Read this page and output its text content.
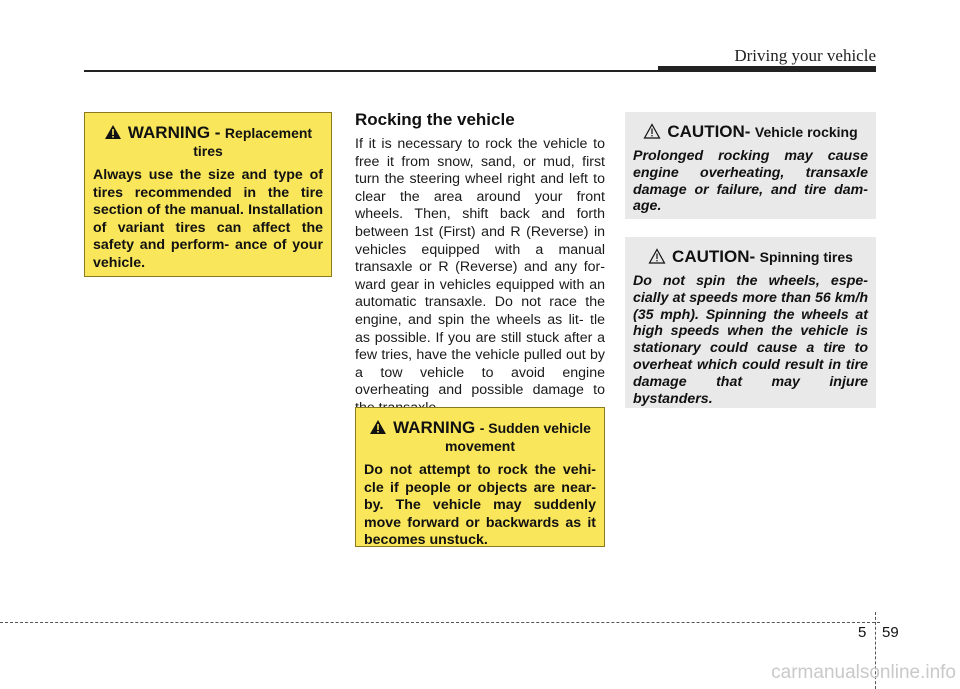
Driving your vehicle
WARNING - Replacement tires
Always use the size and type of tires recommended in the tire section of the manual. Installation of variant tires can affect the safety and perform- ance of your vehicle.
Rocking the vehicle
If it is necessary to rock the vehicle to free it from snow, sand, or mud, first turn the steering wheel right and left to clear the area around your front wheels. Then, shift back and forth between 1st (First) and R (Reverse) in vehicles equipped with a manual transaxle or R (Reverse) and any for- ward gear in vehicles equipped with an automatic transaxle. Do not race the engine, and spin the wheels as lit- tle as possible. If you are still stuck after a few tries, have the vehicle pulled out by a tow vehicle to avoid engine overheating and possible damage to
WARNING - Sudden vehicle movement
Do not attempt to rock the vehi- cle if people or objects are near- by. The vehicle may suddenly move forward or backwards as it becomes unstuck.
CAUTION- Vehicle rocking
Prolonged rocking may cause engine overheating, transaxle damage or failure, and tire dam- age.
CAUTION- Spinning tires
Do not spin the wheels, espe- cially at speeds more than 56 km/h (35 mph). Spinning the wheels at high speeds when the vehicle is stationary could cause a tire to overheat which could result in tire damage that may injure bystanders.
5 59
carmanualsonline.info
